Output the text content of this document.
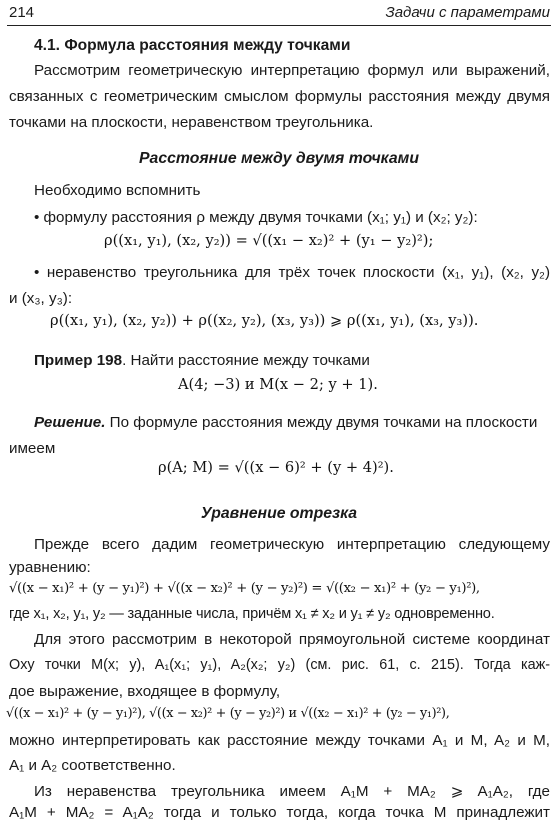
214	Задачи с параметрами
4.1. Формула расстояния между точками
Рассмотрим геометрическую интерпретацию формул или выражений,
связанных с геометрическим смыслом формулы расстояния между двумя
точками на плоскости, неравенством треугольника.
Расстояние между двумя точками
Необходимо вспомнить
• формулу расстояния ρ между двумя точками (x₁; y₁) и (x₂; y₂):
ρ((x₁, y₁), (x₂, y₂)) = √((x₁ − x₂)² + (y₁ − y₂)²);
• неравенство треугольника для трёх точек плоскости (x₁, y₁), (x₂, y₂)
и (x₃, y₃):
ρ((x₁, y₁), (x₂, y₂)) + ρ((x₂, y₂), (x₃, y₃)) ⩾ ρ((x₁, y₁), (x₃, y₃)).
Пример 198. Найти расстояние между точками
A(4; −3) и M(x − 2; y + 1).
Решение. По формуле расстояния между двумя точками на плоскости
имеем
ρ(A; M) = √((x − 6)² + (y + 4)²).
Уравнение отрезка
Прежде всего дадим геометрическую интерпретацию следующему
уравнению:
√((x − x₁)² + (y − y₁)²) + √((x − x₂)² + (y − y₂)²) = √((x₂ − x₁)² + (y₂ − y₁)²),
где x₁, x₂, y₁, y₂ — заданные числа, причём x₁ ≠ x₂ и y₁ ≠ y₂ одновременно.
Для этого рассмотрим в некоторой прямоугольной системе координат
Oxy точки M(x; y), A₁(x₁; y₁), A₂(x₂; y₂) (см. рис. 61, с. 215). Тогда каж-
дое выражение, входящее в формулу,
√((x − x₁)² + (y − y₁)²), √((x − x₂)² + (y − y₂)²) и √((x₂ − x₁)² + (y₂ − y₁)²),
можно интерпретировать как расстояние между точками A₁ и M, A₂ и M,
A₁ и A₂ соответственно.
Из неравенства треугольника имеем A₁M + MA₂ ⩾ A₁A₂, где
A₁M + MA₂ = A₁A₂ тогда и только тогда, когда точка M принадлежит
